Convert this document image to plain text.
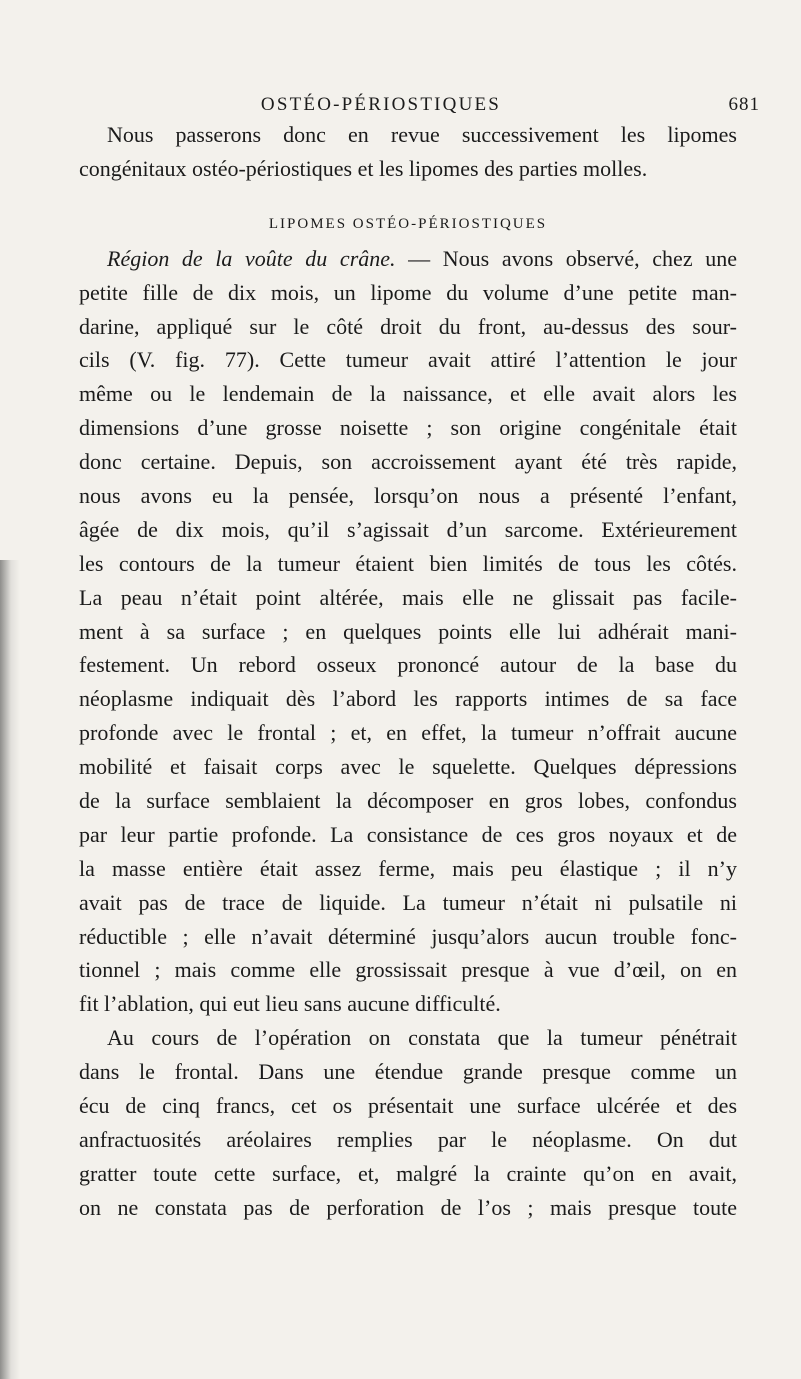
OSTÉO-PÉRIOSTIQUES	681
Nous passerons donc en revue successivement les lipomes
congénitaux ostéo-périostiques et les lipomes des parties molles.
LIPOMES OSTÉO-PÉRIOSTIQUES
Région de la voûte du crâne. — Nous avons observé, chez une
petite fille de dix mois, un lipome du volume d’une petite man-
darine, appliqué sur le côté droit du front, au-dessus des sour-
cils (V. fig. 77). Cette tumeur avait attiré l’attention le jour
même ou le lendemain de la naissance, et elle avait alors les
dimensions d’une grosse noisette ; son origine congénitale était
donc certaine. Depuis, son accroissement ayant été très rapide,
nous avons eu la pensée, lorsqu’on nous a présenté l’enfant,
âgée de dix mois, qu’il s’agissait d’un sarcome. Extérieurement
les contours de la tumeur étaient bien limités de tous les côtés.
La peau n’était point altérée, mais elle ne glissait pas facile-
ment à sa surface ; en quelques points elle lui adhérait mani-
festement. Un rebord osseux prononcé autour de la base du
néoplasme indiquait dès l’abord les rapports intimes de sa face
profonde avec le frontal ; et, en effet, la tumeur n’offrait aucune
mobilité et faisait corps avec le squelette. Quelques dépressions
de la surface semblaient la décomposer en gros lobes, confondus
par leur partie profonde. La consistance de ces gros noyaux et de
la masse entière était assez ferme, mais peu élastique ; il n’y
avait pas de trace de liquide. La tumeur n’était ni pulsatile ni
réductible ; elle n’avait déterminé jusqu’alors aucun trouble fonc-
tionnel ; mais comme elle grossissait presque à vue d’œil, on en
fit l’ablation, qui eut lieu sans aucune difficulté.
Au cours de l’opération on constata que la tumeur pénétrait
dans le frontal. Dans une étendue grande presque comme un
écu de cinq francs, cet os présentait une surface ulcérée et des
anfractuosités aréolaires remplies par le néoplasme. On dut
gratter toute cette surface, et, malgré la crainte qu’on en avait,
on ne constata pas de perforation de l’os ; mais presque toute
